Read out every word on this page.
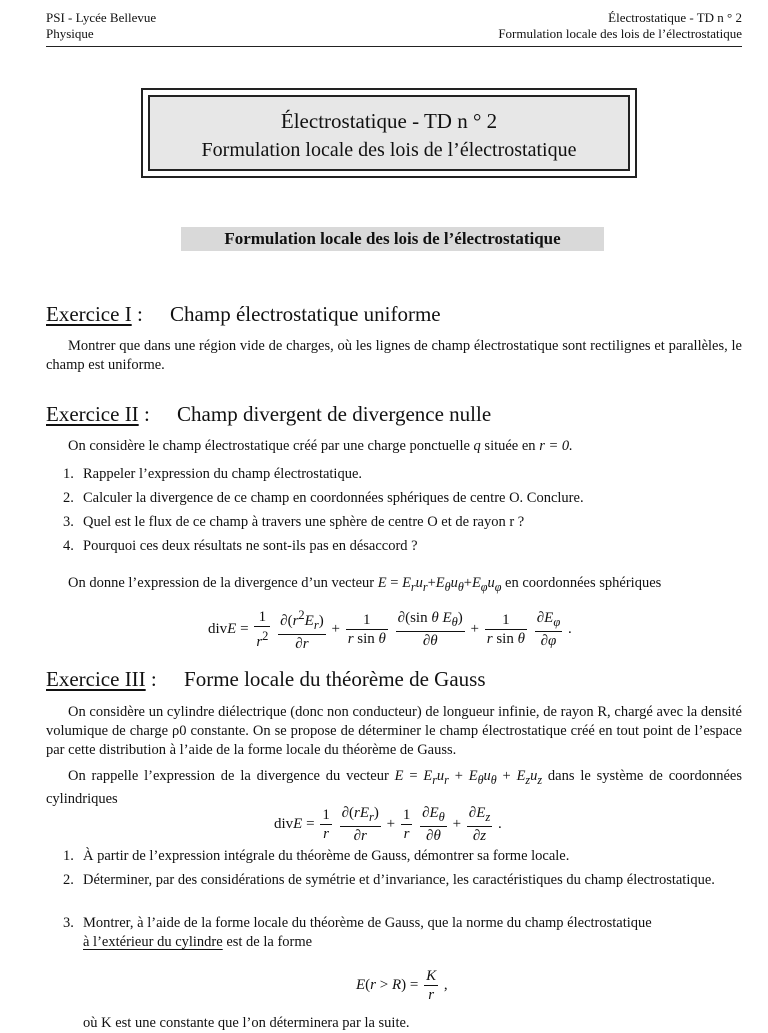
PSI - Lycée Bellevue
Physique
Électrostatique - TD n ° 2
Formulation locale des lois de l’électrostatique
Électrostatique - TD n ° 2
Formulation locale des lois de l’électrostatique
Formulation locale des lois de l’électrostatique
Exercice I : Champ électrostatique uniforme
Montrer que dans une région vide de charges, où les lignes de champ électrostatique sont rectilignes et parallèles, le champ est uniforme.
Exercice II : Champ divergent de divergence nulle
On considère le champ électrostatique créé par une charge ponctuelle q située en r = 0.
1. Rappeler l’expression du champ électrostatique.
2. Calculer la divergence de ce champ en coordonnées sphériques de centre O. Conclure.
3. Quel est le flux de ce champ à travers une sphère de centre O et de rayon r ?
4. Pourquoi ces deux résultats ne sont-ils pas en désaccord ?
On donne l’expression de la divergence d’un vecteur $E = E_ru_r+E_\theta u_\theta+E_\varphi u_\varphi$ en coordonnées sphériques
divE = $\frac{1}{r^2}$
$\frac{\partial(r^2E_r)}{\partial r} + \frac{1}{\text{r sin θ}}$
$\frac{\partial(\sin \theta E_\theta)}{\partial\theta} + \frac{1}{\text{r sin θ}}$
$\frac{\partial E_\varphi}{\partial\varphi}$ .
Exercice III : Forme locale du théorème de Gauss
On considère un cylindre diélectrique (donc non conducteur) de longueur infinie, de rayon R, chargé avec la densité volumique de charge ρ0 constante. On se propose de déterminer le champ électrostatique créé en tout point de l’espace par cette distribution à l’aide de la forme locale du théorème de Gauss.
On rappelle l’expression de la divergence du vecteur $E = E_ru_r + E_\theta u_\theta + E_zu_z$ dans le système de coordonnées cylindriques
divE = $\frac{1}{r}$
$\frac{\partial(rE_r)}{\partial r} + \frac{1}{r}$
$\frac{\partial E_\theta}{\partial\theta} + \frac{\partial E_z}{\partial z}$ .
1. À partir de l’expression intégrale du théorème de Gauss, démontrer sa forme locale.
2. Déterminer, par des considérations de symétrie et d’invariance, les caractéristiques du champ électrostatique.
3. Montrer, à l’aide de la forme locale du théorème de Gauss, que la norme du champ électrostatique
à l’extérieur du cylindre est de la forme
$E(r > R) = \frac{K}{r}$ ,
où K est une constante que l’on déterminera par la suite.
